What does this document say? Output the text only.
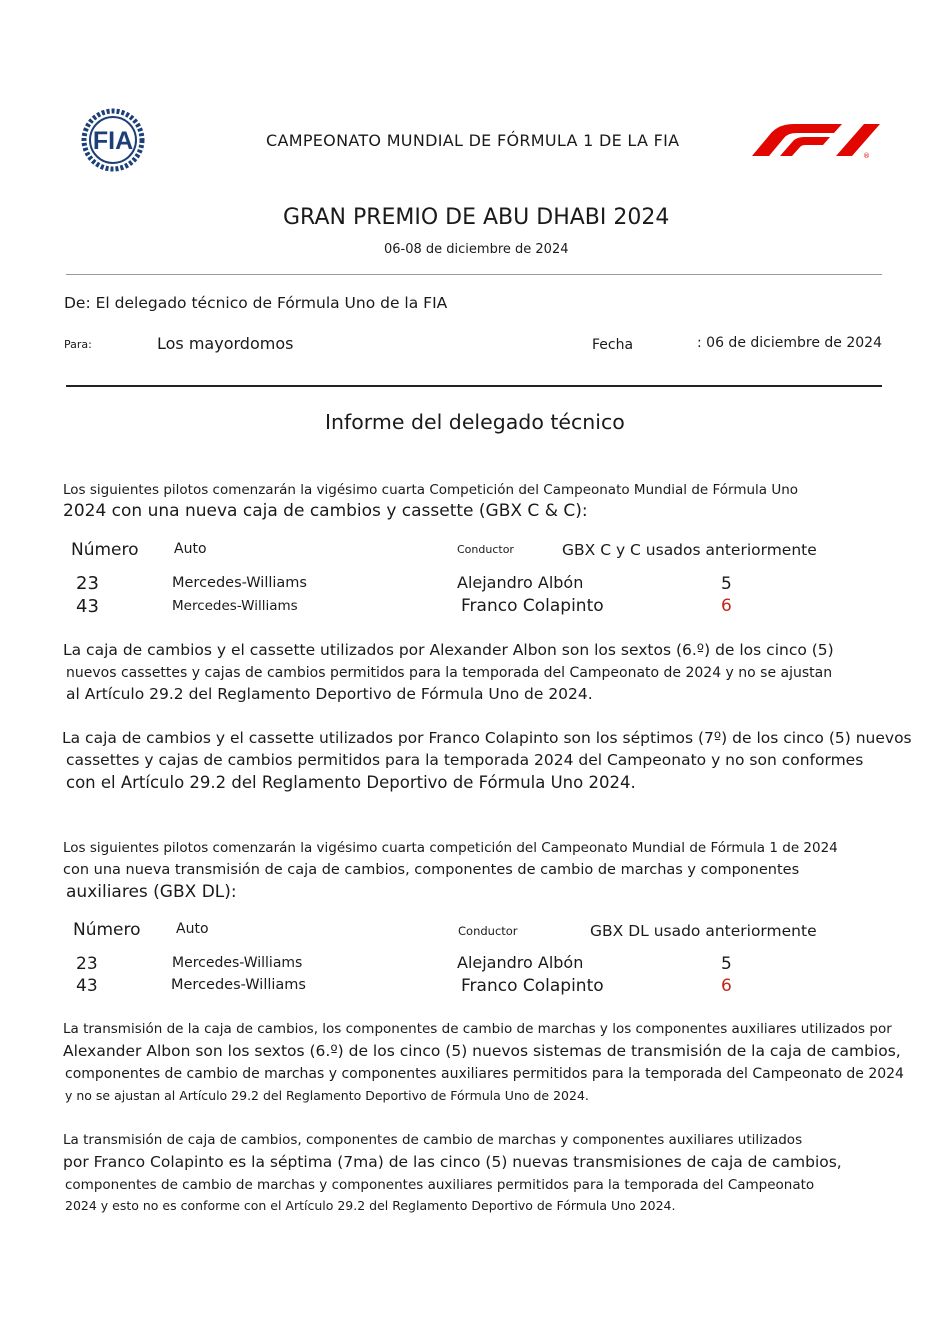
FIA	CAMPEONATO MUNDIAL DE FÓRMULA 1 DE LA FIA
®
GRAN PREMIO DE ABU DHABI 2024
06-08 de diciembre de 2024
De: El delegado técnico de Fórmula Uno de la FIA
Para:	Los mayordomos	Fecha	: 06 de diciembre de 2024
Informe del delegado técnico
Los siguientes pilotos comenzarán la vigésimo cuarta Competición del Campeonato Mundial de Fórmula Uno
2024 con una nueva caja de cambios y cassette (GBX C & C):
Número	Auto	Conductor	GBX C y C usados anteriormente
23	Mercedes-Williams	Alejandro Albón	5
43	Mercedes-Williams	Franco Colapinto	6
La caja de cambios y el cassette utilizados por Alexander Albon son los sextos (6.º) de los cinco (5)
nuevos cassettes y cajas de cambios permitidos para la temporada del Campeonato de 2024 y no se ajustan
al Artículo 29.2 del Reglamento Deportivo de Fórmula Uno de 2024.
La caja de cambios y el cassette utilizados por Franco Colapinto son los séptimos (7º) de los cinco (5) nuevos
cassettes y cajas de cambios permitidos para la temporada 2024 del Campeonato y no son conformes
con el Artículo 29.2 del Reglamento Deportivo de Fórmula Uno 2024.
Los siguientes pilotos comenzarán la vigésimo cuarta competición del Campeonato Mundial de Fórmula 1 de 2024
con una nueva transmisión de caja de cambios, componentes de cambio de marchas y componentes
auxiliares (GBX DL):
Número	Auto	Conductor	GBX DL usado anteriormente
23	Mercedes-Williams	Alejandro Albón	5
43	Mercedes-Williams	Franco Colapinto	6
La transmisión de la caja de cambios, los componentes de cambio de marchas y los componentes auxiliares utilizados por
Alexander Albon son los sextos (6.º) de los cinco (5) nuevos sistemas de transmisión de la caja de cambios,
componentes de cambio de marchas y componentes auxiliares permitidos para la temporada del Campeonato de 2024
y no se ajustan al Artículo 29.2 del Reglamento Deportivo de Fórmula Uno de 2024.
La transmisión de caja de cambios, componentes de cambio de marchas y componentes auxiliares utilizados
por Franco Colapinto es la séptima (7ma) de las cinco (5) nuevas transmisiones de caja de cambios,
componentes de cambio de marchas y componentes auxiliares permitidos para la temporada del Campeonato
2024 y esto no es conforme con el Artículo 29.2 del Reglamento Deportivo de Fórmula Uno 2024.
